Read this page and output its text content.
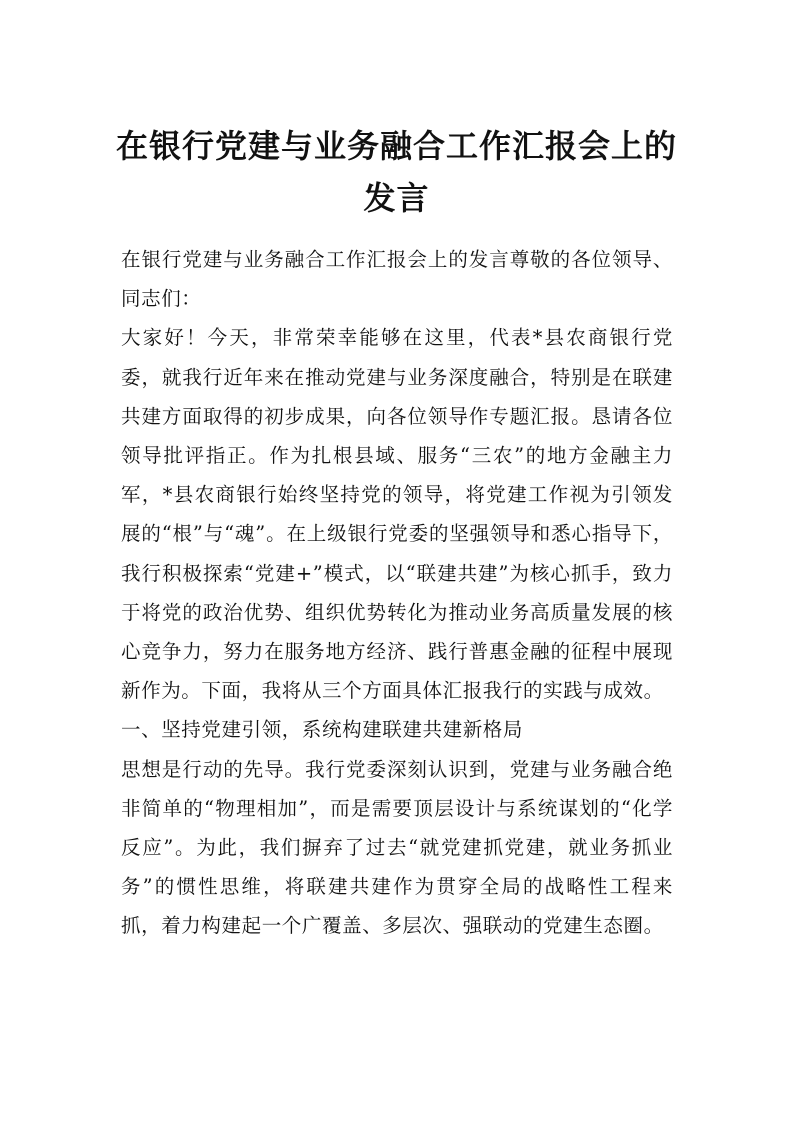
在银行党建与业务融合工作汇报会上的发言

在银行党建与业务融合工作汇报会上的发言尊敬的各位领导、同志们：

大家好！今天，非常荣幸能够在这里，代表*县农商银行党委，就我行近年来在推动党建与业务深度融合，特别是在联建共建方面取得的初步成果，向各位领导作专题汇报。恳请各位领导批评指正。作为扎根县域、服务“三农”的地方金融主力军，*县农商银行始终坚持党的领导，将党建工作视为引领发展的“根”与“魂”。在上级银行党委的坚强领导和悉心指导下，我行积极探索“党建+”模式，以“联建共建”为核心抓手，致力于将党的政治优势、组织优势转化为推动业务高质量发展的核心竞争力，努力在服务地方经济、践行普惠金融的征程中展现新作为。下面，我将从三个方面具体汇报我行的实践与成效。

一、坚持党建引领，系统构建联建共建新格局

思想是行动的先导。我行党委深刻认识到，党建与业务融合绝非简单的“物理相加”，而是需要顶层设计与系统谋划的“化学反应”。为此，我们摒弃了过去“就党建抓党建，就业务抓业务”的惯性思维，将联建共建作为贯穿全局的战略性工程来抓，着力构建起一个广覆盖、多层次、强联动的党建生态圈。
